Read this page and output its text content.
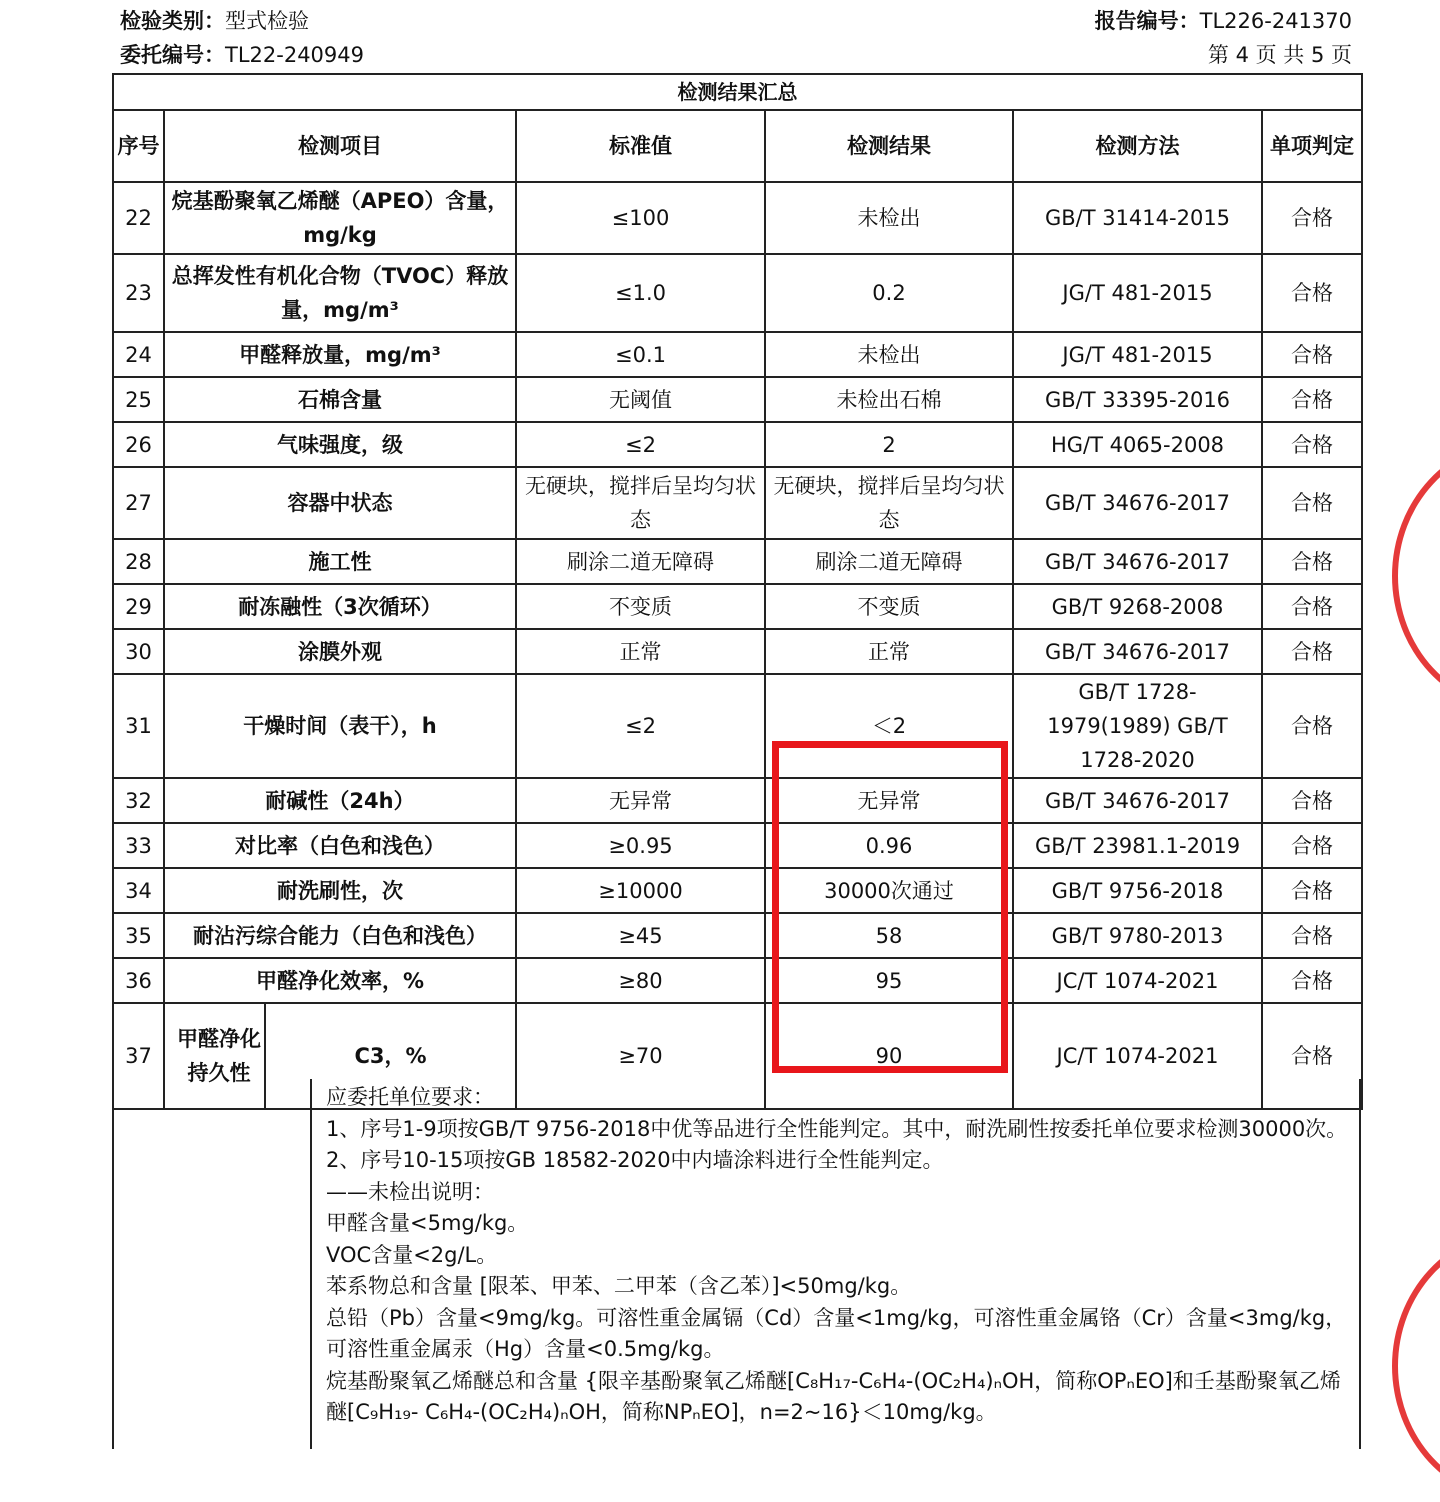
检验类别：型式检验
委托编号：TL22-240949
报告编号：TL226-241370
第 4 页 共 5 页
检测结果汇总						
序号	检测项目		标准值	检测结果	检测方法	单项判定
22	烷基酚聚氧乙烯醚（APEO）含量，mg/kg		≤100	未检出	GB/T 31414-2015	合格
23	总挥发性有机化合物（TVOC）释放量，mg/m³		≤1.0	0.2	JG/T 481-2015	合格
24	甲醛释放量，mg/m³		≤0.1	未检出	JG/T 481-2015	合格
25	石棉含量		无阈值	未检出石棉	GB/T 33395-2016	合格
26	气味强度，级		≤2	2	HG/T 4065-2008	合格
27	容器中状态		无硬块，搅拌后呈均匀状态	无硬块，搅拌后呈均匀状态	GB/T 34676-2017	合格
28	施工性		刷涂二道无障碍	刷涂二道无障碍	GB/T 34676-2017	合格
29	耐冻融性（3次循环）		不变质	不变质	GB/T 9268-2008	合格
30	涂膜外观		正常	正常	GB/T 34676-2017	合格
31	干燥时间（表干），h		≤2	＜2	GB/T 1728-1979(1989) GB/T 1728-2020	合格
32	耐碱性（24h）		无异常	无异常	GB/T 34676-2017	合格
33	对比率（白色和浅色）		≥0.95	0.96	GB/T 23981.1-2019	合格
34	耐洗刷性，次		≥10000	30000次通过	GB/T 9756-2018	合格
35	耐沾污综合能力（白色和浅色）		≥45	58	GB/T 9780-2013	合格
36	甲醛净化效率，%		≥80	95	JC/T 1074-2021	合格
37	甲醛净化持久性	C3，%	≥70	90	JC/T 1074-2021	合格
应委托单位要求：
1、序号1-9项按GB/T 9756-2018中优等品进行全性能判定。其中，耐洗刷性按委托单位要求检测30000次。
2、序号10-15项按GB 18582-2020中内墙涂料进行全性能判定。
——未检出说明：
甲醛含量<5mg/kg。
VOC含量<2g/L。
苯系物总和含量 [限苯、甲苯、二甲苯（含乙苯）]<50mg/kg。
总铅（Pb）含量<9mg/kg。可溶性重金属镉（Cd）含量<1mg/kg，可溶性重金属铬（Cr）含量<3mg/kg，可溶性重金属汞（Hg）含量<0.5mg/kg。
烷基酚聚氧乙烯醚总和含量 {限辛基酚聚氧乙烯醚[C₈H₁₇-C₆H₄-(OC₂H₄)ₙOH，简称OPₙEO]和壬基酚聚氧乙烯醚[C₉H₁₉- C₆H₄-(OC₂H₄)ₙOH，简称NPₙEO]，n=2~16}＜10mg/kg。
